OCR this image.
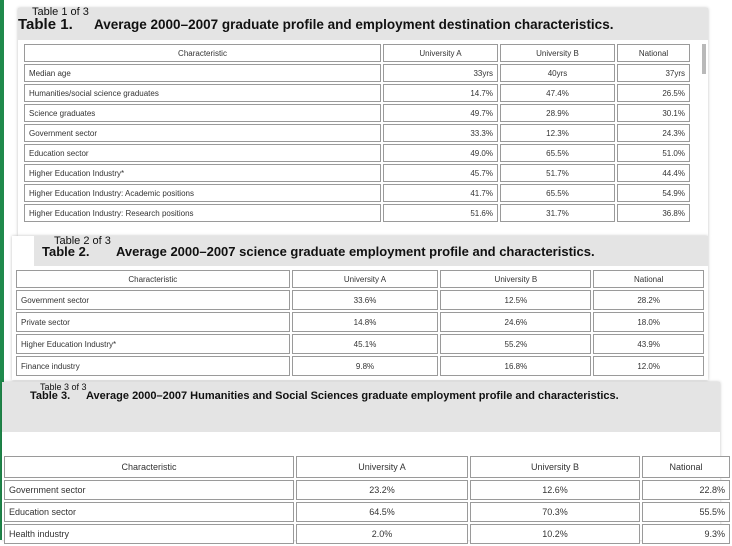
Table 1. Average 2000–2007 graduate profile and employment destination characteristics.
Characteristic	University A	University B	National
Median age	33yrs	40yrs	37yrs
Humanities/social science graduates	14.7%	47.4%	26.5%
Science graduates	49.7%	28.9%	30.1%
Government sector	33.3%	12.3%	24.3%
Education sector	49.0%	65.5%	51.0%
Higher Education Industry*	45.7%	51.7%	44.4%
Higher Education Industry: Academic positions	41.7%	65.5%	54.9%
Higher Education Industry: Research positions	51.6%	31.7%	36.8%
Table 1 of 3
Table 2. Average 2000–2007 science graduate employment profile and characteristics.
Characteristic	University A	University B	National
Government sector	33.6%	12.5%	28.2%
Private sector	14.8%	24.6%	18.0%
Higher Education Industry*	45.1%	55.2%	43.9%
Finance industry	9.8%	16.8%	12.0%
Table 2 of 3
Table 3. Average 2000–2007 Humanities and Social Sciences graduate employment profile and characteristics.
Characteristic	University A	University B	National
Government sector	23.2%	12.6%	22.8%
Education sector	64.5%	70.3%	55.5%
Health industry	2.0%	10.2%	9.3%
Table 3 of 3
